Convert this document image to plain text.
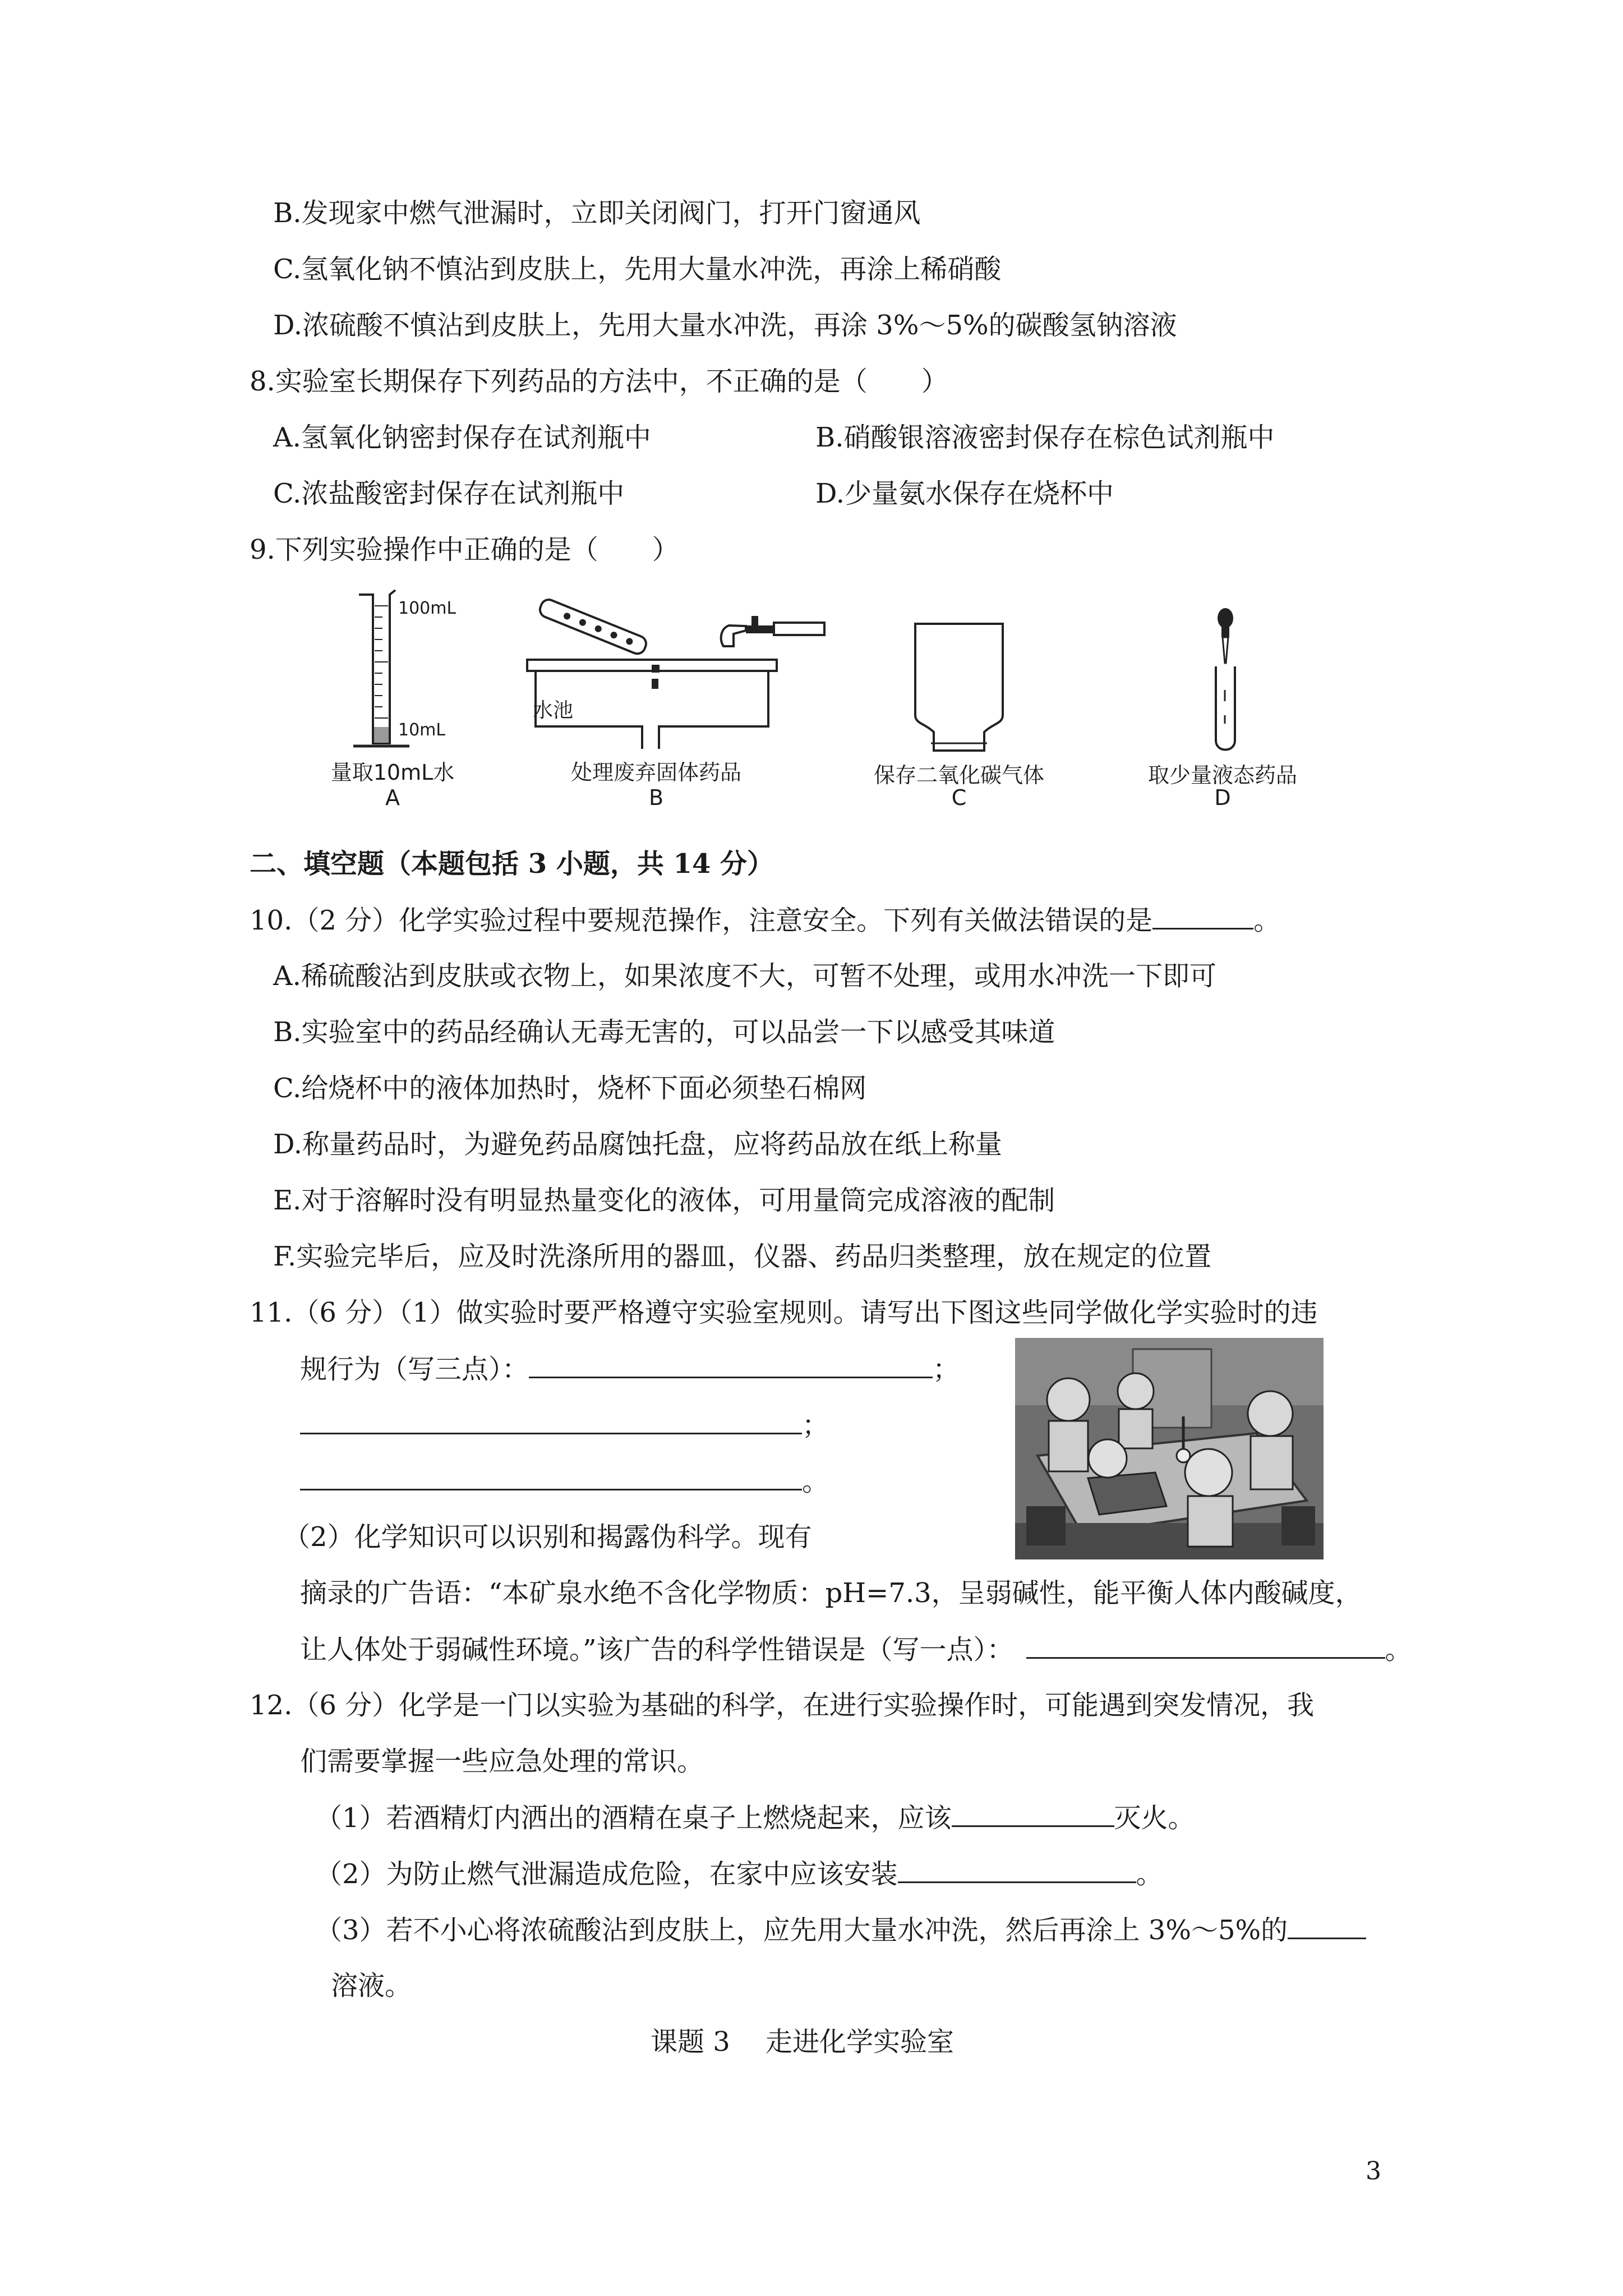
B.发现家中燃气泄漏时，立即关闭阀门，打开门窗通风
C.氢氧化钠不慎沾到皮肤上，先用大量水冲洗，再涂上稀硝酸
D.浓硫酸不慎沾到皮肤上，先用大量水冲洗，再涂 3%～5%的碳酸氢钠溶液
8.实验室长期保存下列药品的方法中，不正确的是（　　）
A.氢氧化钠密封保存在试剂瓶中	B.硝酸银溶液密封保存在棕色试剂瓶中
C.浓盐酸密封保存在试剂瓶中	D.少量氨水保存在烧杯中
9.下列实验操作中正确的是（　　）
100mL
10mL
量取10mL水
A
水池
处理废弃固体药品
B
保存二氧化碳气体
C
取少量液态药品
D
二、填空题（本题包括 3 小题，共 14 分）
10.（2 分）化学实验过程中要规范操作，注意安全。下列有关做法错误的是	。
A.稀硫酸沾到皮肤或衣物上，如果浓度不大，可暂不处理，或用水冲洗一下即可
B.实验室中的药品经确认无毒无害的，可以品尝一下以感受其味道
C.给烧杯中的液体加热时，烧杯下面必须垫石棉网
D.称量药品时，为避免药品腐蚀托盘，应将药品放在纸上称量
E.对于溶解时没有明显热量变化的液体，可用量筒完成溶液的配制
F.实验完毕后，应及时洗涤所用的器皿，仪器、药品归类整理，放在规定的位置
11.（6 分）（1）做实验时要严格遵守实验室规则。请写出下图这些同学做化学实验时的违
规行为（写三点）：	；
；
。
（2）化学知识可以识别和揭露伪科学。现有
摘录的广告语：“本矿泉水绝不含化学物质：pH=7.3，呈弱碱性，能平衡人体内酸碱度，
让人体处于弱碱性环境。”该广告的科学性错误是（写一点）：	。
12.（6 分）化学是一门以实验为基础的科学，在进行实验操作时，可能遇到突发情况，我
们需要掌握一些应急处理的常识。
（1）若酒精灯内洒出的酒精在桌子上燃烧起来，应该	灭火。
（2）为防止燃气泄漏造成危险，在家中应该安装	。
（3）若不小心将浓硫酸沾到皮肤上，应先用大量水冲洗，然后再涂上 3%～5%的
溶液。
课题 3　 走进化学实验室
3
